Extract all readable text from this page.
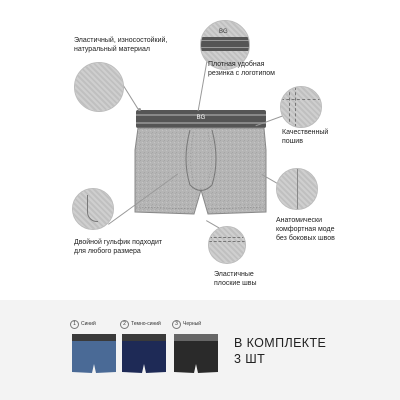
BG
BG
Эластичный, износостойкий,
натуральный материал
Плотная удобная
резинка с логотипом
Качественный
пошив
Двойной гульфик подходит
для любого размера
Анатомически
комфортная моде
без боковых швов
Эластичные
плоские швы
1 Синий	2 Темно-синий	3 Черный
В КОМПЛЕКТЕ
3 ШТ
